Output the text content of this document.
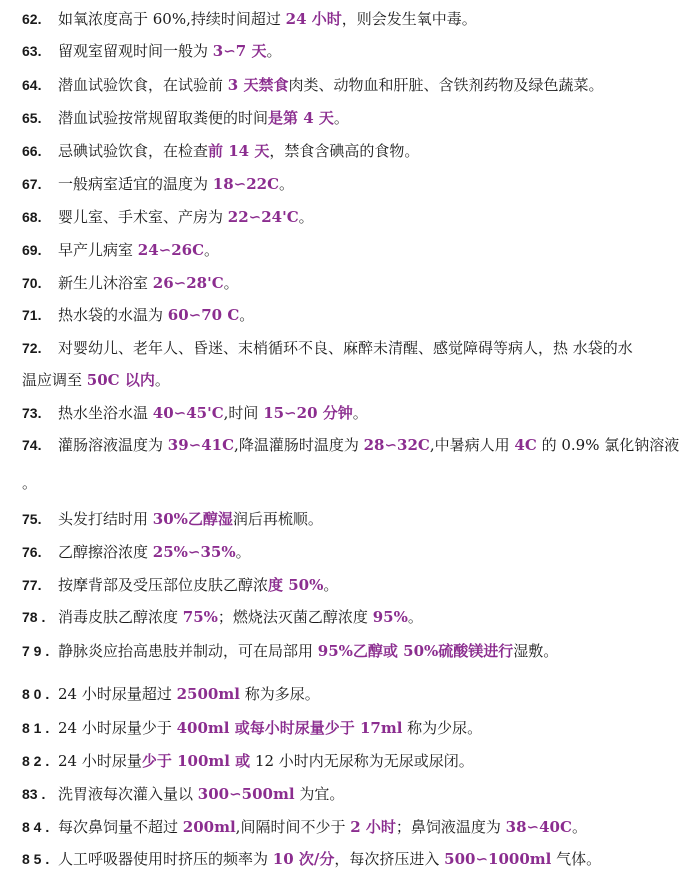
62. 如氧浓度高于 60%,持续时间超过 24 小时，则会发生氧中毒。
63. 留观室留观时间一般为 3∽7 天。
64. 潜血试验饮食，在试验前 3 天禁食肉类、动物血和肝脏、含铁剂药物及绿色蔬菜。
65. 潜血试验按常规留取粪便的时间是第 4 天。
66. 忌碘试验饮食，在检查前 14 天，禁食含碘高的食物。
67. 一般病室适宜的温度为 18∽22C。
68. 婴儿室、手术室、产房为 22∽24'C。
69. 早产儿病室 24∽26C。
70. 新生儿沐浴室 26∽28'C。
71. 热水袋的水温为 60∽70 C。
72. 对婴幼儿、老年人、昏迷、末梢循环不良、麻醉未清醒、感觉障碍等病人，热 水袋的水
温应调至 50C 以内。
73. 热水坐浴水温 40∽45'C,时间 15∽20 分钟。
74. 灌肠溶液温度为 39∽41C,降温灌肠时温度为 28∽32C,中暑病人用 4C 的 0.9% 氯化钠溶液
。
75. 头发打结时用 30%乙醇湿润后再梳顺。
76. 乙醇擦浴浓度 25%∽35%。
77. 按摩背部及受压部位皮肤乙醇浓度 50%。
78 . 消毒皮肤乙醇浓度 75%；燃烧法灭菌乙醇浓度 95%。
7 9 . 静脉炎应抬高患肢并制动，可在局部用 95%乙醇或 50%硫酸镁进行湿敷。
8 0 . 24 小时尿量超过 2500ml 称为多尿。
8 1 . 24 小时尿量少于 400ml 或每小时尿量少于 17ml 称为少尿。
8 2 . 24 小时尿量少于 100ml 或 12 小时内无尿称为无尿或尿闭。
83 . 洗胃液每次灌入量以 300∽500ml 为宜。
8 4 . 每次鼻饲量不超过 200ml,间隔时间不少于 2 小时；鼻饲液温度为 38∽40C。
8 5 . 人工呼吸器使用时挤压的频率为 10 次/分，每次挤压进入 500∽1000ml 气体。
